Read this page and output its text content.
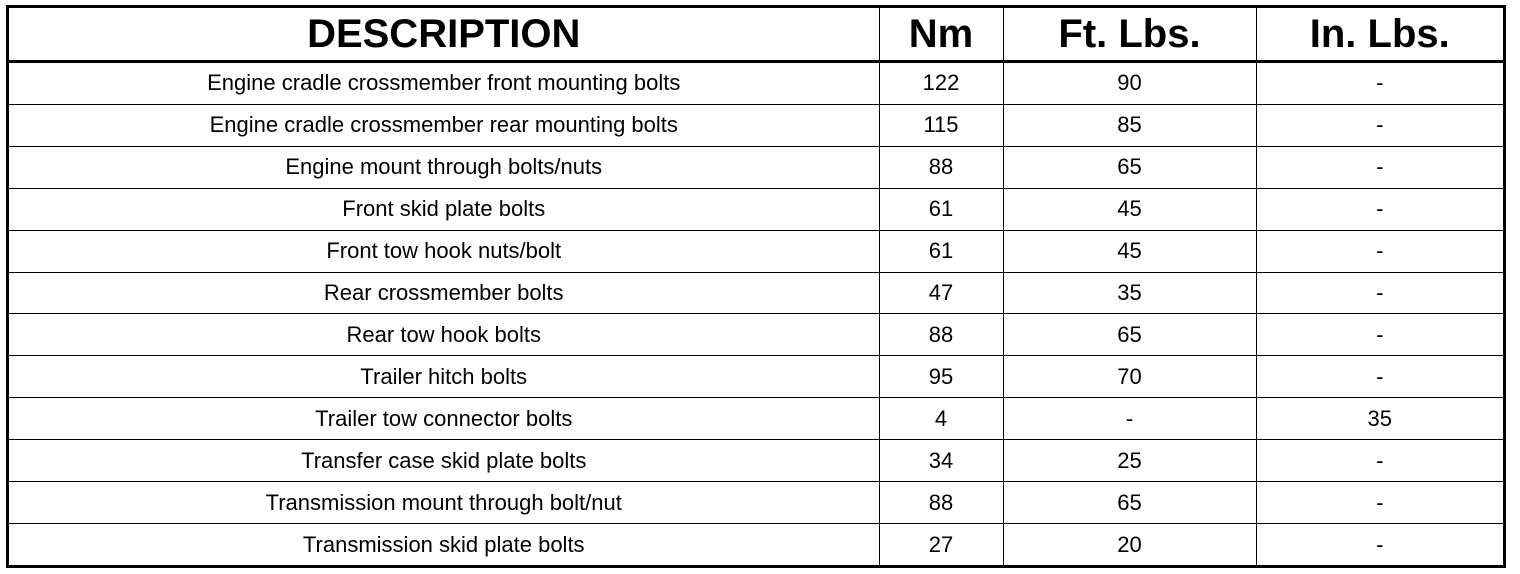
DESCRIPTION	Nm	Ft. Lbs.	In. Lbs.
Engine cradle crossmember front mounting bolts	122	90	-
Engine cradle crossmember rear mounting bolts	115	85	-
Engine mount through bolts/nuts	88	65	-
Front skid plate bolts	61	45	-
Front tow hook nuts/bolt	61	45	-
Rear crossmember bolts	47	35	-
Rear tow hook bolts	88	65	-
Trailer hitch bolts	95	70	-
Trailer tow connector bolts	4	-	35
Transfer case skid plate bolts	34	25	-
Transmission mount through bolt/nut	88	65	-
Transmission skid plate bolts	27	20	-
